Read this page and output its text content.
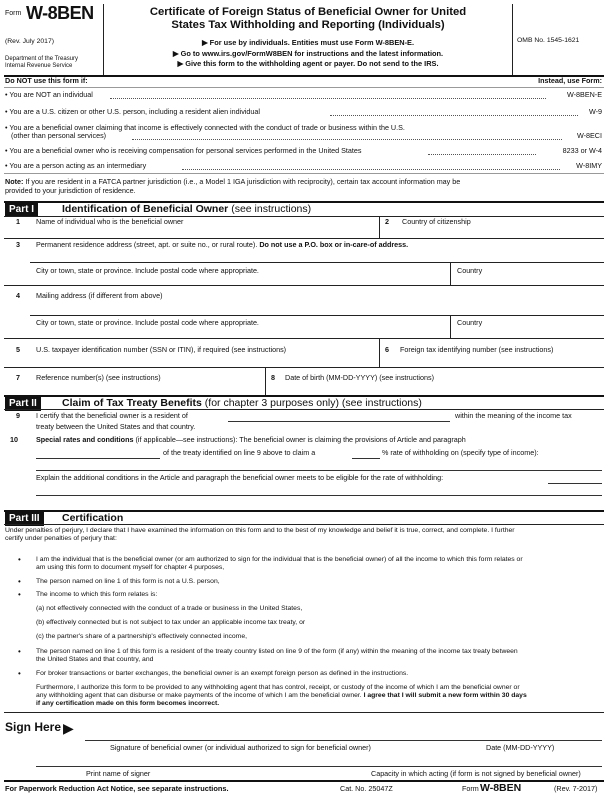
Form W-8BEN
(Rev. July 2017)
Department of the Treasury
Internal Revenue Service
Certificate of Foreign Status of Beneficial Owner for United
States Tax Withholding and Reporting (Individuals)
▶ For use by individuals. Entities must use Form W-8BEN-E.
▶ Go to www.irs.gov/FormW8BEN for instructions and the latest information.
▶ Give this form to the withholding agent or payer. Do not send to the IRS.
OMB No. 1545-1621
Do NOT use this form if:	Instead, use Form:
• You are NOT an individual	W-8BEN-E
• You are a U.S. citizen or other U.S. person, including a resident alien individual	W-9
• You are a beneficial owner claiming that income is effectively connected with the conduct of trade or business within the U.S.
(other than personal services)	W-8ECI
• You are a beneficial owner who is receiving compensation for personal services performed in the United States	8233 or W-4
• You are a person acting as an intermediary	W-8IMY
Note: If you are resident in a FATCA partner jurisdiction (i.e., a Model 1 IGA jurisdiction with reciprocity), certain tax account information may be
provided to your jurisdiction of residence.
Part I	Identification of Beneficial Owner (see instructions)
1 Name of individual who is the beneficial owner	2 Country of citizenship
3 Permanent residence address (street, apt. or suite no., or rural route). Do not use a P.O. box or in-care-of address.
City or town, state or province. Include postal code where appropriate.	Country
4 Mailing address (if different from above)
City or town, state or province. Include postal code where appropriate.	Country
5 U.S. taxpayer identification number (SSN or ITIN), if required (see instructions)	6 Foreign tax identifying number (see instructions)
7 Reference number(s) (see instructions)	8 Date of birth (MM-DD-YYYY) (see instructions)
Part II	Claim of Tax Treaty Benefits (for chapter 3 purposes only) (see instructions)
9 I certify that the beneficial owner is a resident of	within the meaning of the income tax
treaty between the United States and that country.
10	Special rates and conditions (if applicable—see instructions): The beneficial owner is claiming the provisions of Article and paragraph
of the treaty identified on line 9 above to claim a	% rate of withholding on (specify type of income):
Explain the additional conditions in the Article and paragraph the beneficial owner meets to be eligible for the rate of withholding:
Part III	Certification
Under penalties of perjury, I declare that I have examined the information on this form and to the best of my knowledge and belief it is true, correct, and complete. I further
certify under penalties of perjury that:
• I am the individual that is the beneficial owner (or am authorized to sign for the individual that is the beneficial owner) of all the income to which this form relates or
am using this form to document myself for chapter 4 purposes,
• The person named on line 1 of this form is not a U.S. person,
• The income to which this form relates is:
(a) not effectively connected with the conduct of a trade or business in the United States,
(b) effectively connected but is not subject to tax under an applicable income tax treaty, or
(c) the partner's share of a partnership's effectively connected income,
• The person named on line 1 of this form is a resident of the treaty country listed on line 9 of the form (if any) within the meaning of the income tax treaty between
the United States and that country, and
• For broker transactions or barter exchanges, the beneficial owner is an exempt foreign person as defined in the instructions.
Furthermore, I authorize this form to be provided to any withholding agent that has control, receipt, or custody of the income of which I am the beneficial owner or
any withholding agent that can disburse or make payments of the income of which I am the beneficial owner. I agree that I will submit a new form within 30 days
if any certification made on this form becomes incorrect.
Sign Here ▶
Signature of beneficial owner (or individual authorized to sign for beneficial owner)	Date (MM-DD-YYYY)
Print name of signer	Capacity in which acting (if form is not signed by beneficial owner)
For Paperwork Reduction Act Notice, see separate instructions.	Cat. No. 25047Z	Form W-8BEN	(Rev. 7-2017)
